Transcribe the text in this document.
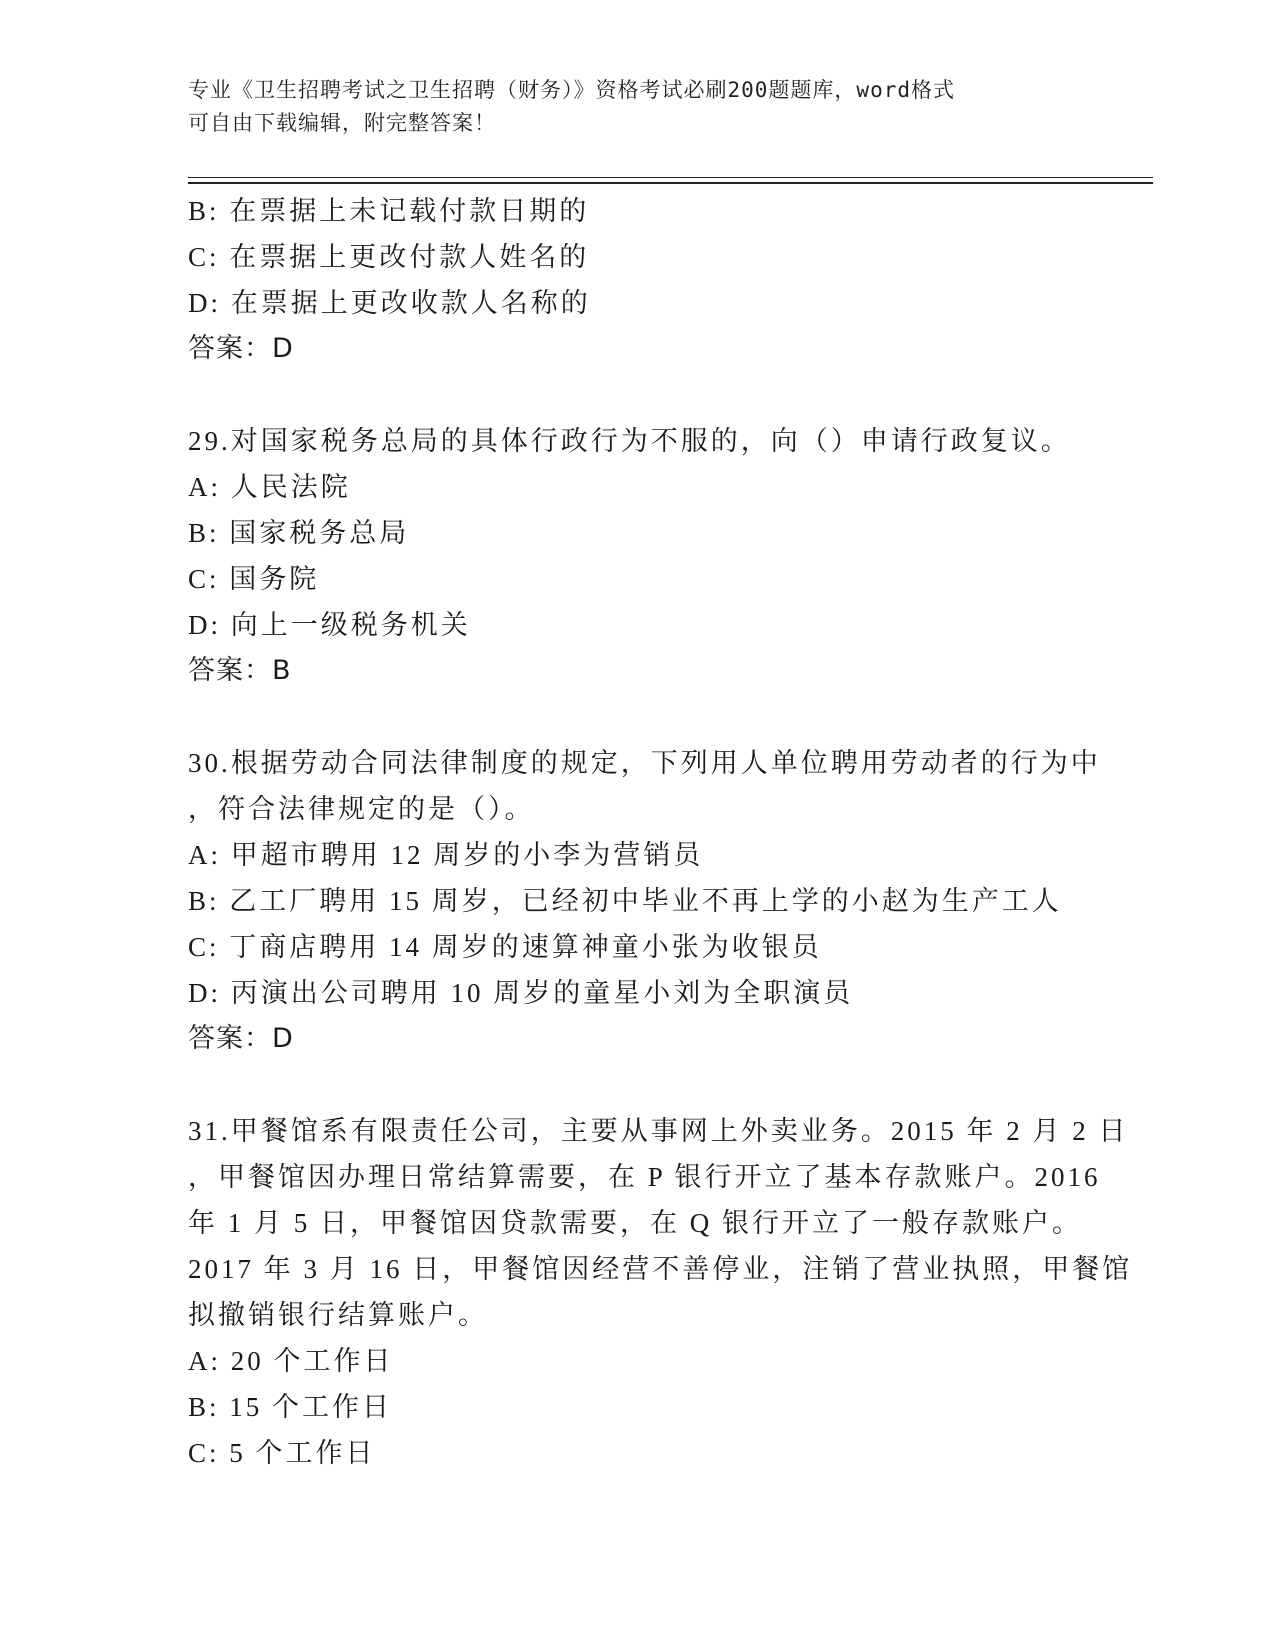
专业《卫生招聘考试之卫生招聘（财务）》资格考试必刷200题题库，word格式
可自由下载编辑，附完整答案！
B: 在票据上未记载付款日期的
C: 在票据上更改付款人姓名的
D: 在票据上更改收款人名称的
答案：D
29.对国家税务总局的具体行政行为不服的，向（）申请行政复议。
A: 人民法院
B: 国家税务总局
C: 国务院
D: 向上一级税务机关
答案：B
30.根据劳动合同法律制度的规定，下列用人单位聘用劳动者的行为中
，符合法律规定的是（）。
A: 甲超市聘用 12 周岁的小李为营销员
B: 乙工厂聘用 15 周岁，已经初中毕业不再上学的小赵为生产工人
C: 丁商店聘用 14 周岁的速算神童小张为收银员
D: 丙演出公司聘用 10 周岁的童星小刘为全职演员
答案：D
31.甲餐馆系有限责任公司，主要从事网上外卖业务。2015 年 2 月 2 日
，甲餐馆因办理日常结算需要，在 P 银行开立了基本存款账户。2016
年 1 月 5 日，甲餐馆因贷款需要，在 Q 银行开立了一般存款账户。
2017 年 3 月 16 日，甲餐馆因经营不善停业，注销了营业执照，甲餐馆
拟撤销银行结算账户。
A: 20 个工作日
B: 15 个工作日
C: 5 个工作日
